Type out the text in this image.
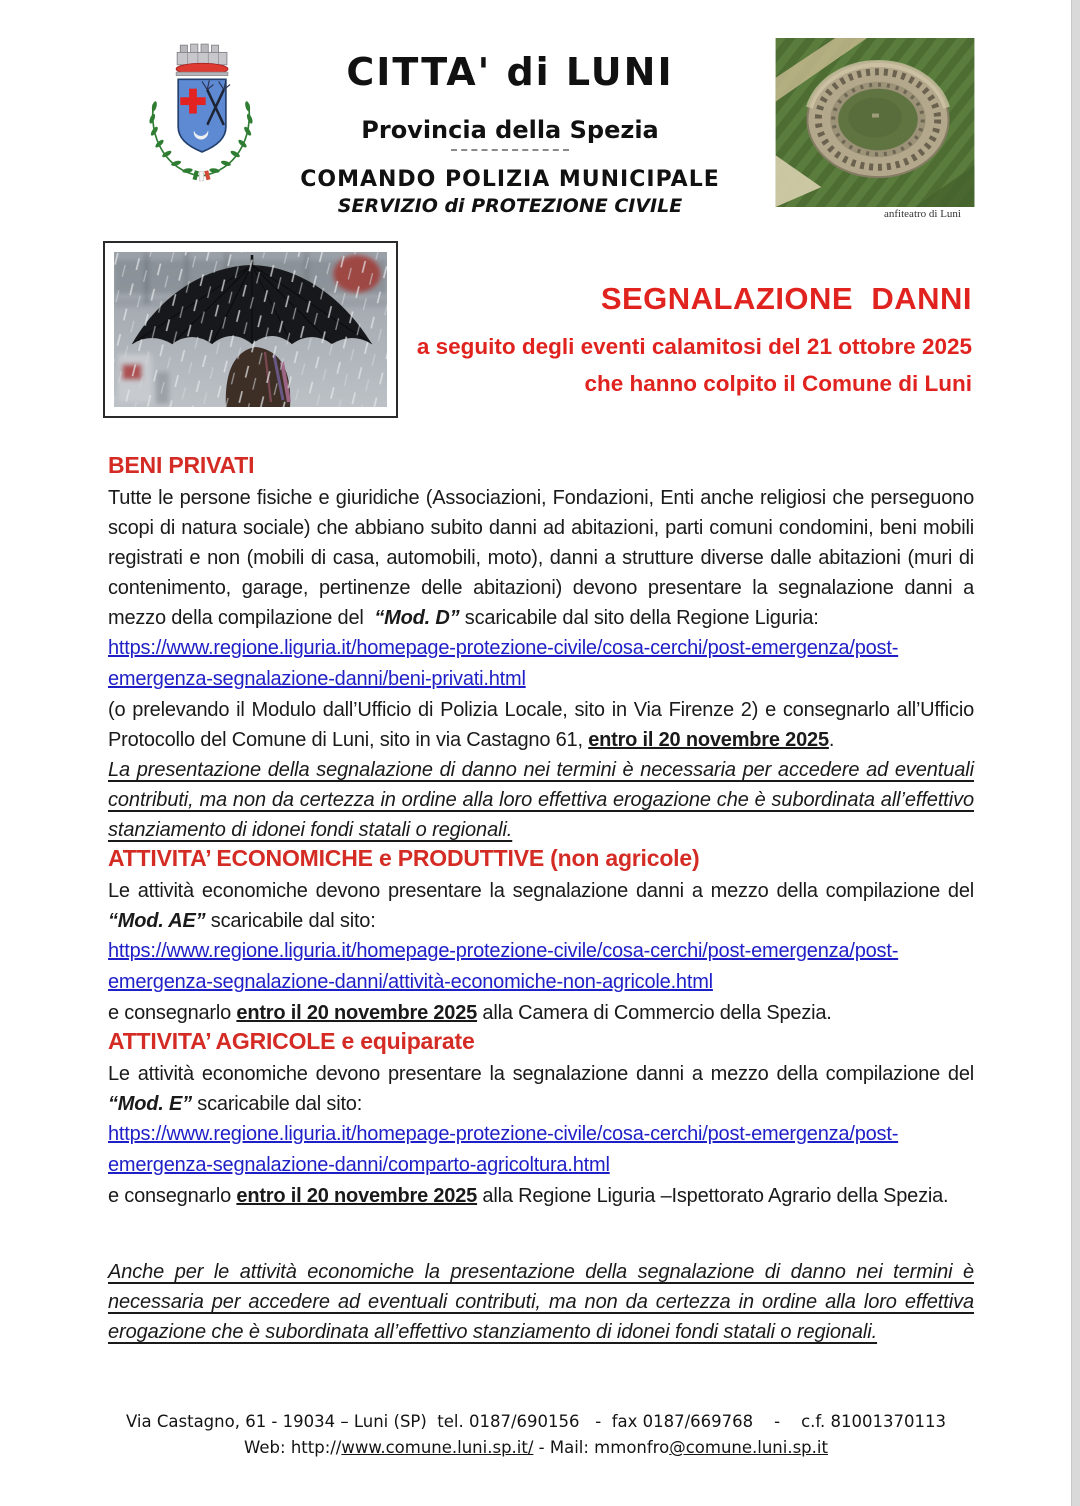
CITTA' di LUNI
Provincia della Spezia
COMANDO POLIZIA MUNICIPALE
SERVIZIO di PROTEZIONE CIVILE	anfiteatro di Luni
SEGNALAZIONE  DANNI
a seguito degli eventi calamitosi del 21 ottobre 2025
che hanno colpito il Comune di Luni
BENI PRIVATI

Tutte le persone fisiche e giuridiche (Associazioni, Fondazioni, Enti anche religiosi che perseguono scopi di natura sociale) che abbiano subito danni ad abitazioni, parti comuni condomini, beni mobili registrati e non (mobili di casa, automobili, moto), danni a strutture diverse dalle abitazioni (muri di contenimento, garage, pertinenze delle abitazioni) devono presentare la segnalazione danni a mezzo della compilazione del  “Mod. D” scaricabile dal sito della Regione Liguria:

https://www.regione.liguria.it/homepage-protezione-civile/cosa-cerchi/post-emergenza/post-emergenza-segnalazione-danni/beni-privati.html

(o prelevando il Modulo dall’Ufficio di Polizia Locale, sito in Via Firenze 2) e consegnarlo all’Ufficio Protocollo del Comune di Luni, sito in via Castagno 61, entro il 20 novembre 2025.

La presentazione della segnalazione di danno nei termini è necessaria per accedere ad eventuali contributi, ma non da certezza in ordine alla loro effettiva erogazione che è subordinata all’effettivo stanziamento di idonei fondi statali o regionali.

ATTIVITA’ ECONOMICHE e PRODUTTIVE (non agricole)

Le attività economiche devono presentare la segnalazione danni a mezzo della compilazione del “Mod. AE” scaricabile dal sito:

https://www.regione.liguria.it/homepage-protezione-civile/cosa-cerchi/post-emergenza/post-emergenza-segnalazione-danni/attività-economiche-non-agricole.html

e consegnarlo entro il 20 novembre 2025 alla Camera di Commercio della Spezia.

ATTIVITA’ AGRICOLE e equiparate

Le attività economiche devono presentare la segnalazione danni a mezzo della compilazione del “Mod. E” scaricabile dal sito:

https://www.regione.liguria.it/homepage-protezione-civile/cosa-cerchi/post-emergenza/post-emergenza-segnalazione-danni/comparto-agricoltura.html

e consegnarlo entro il 20 novembre 2025 alla Regione Liguria –Ispettorato Agrario della Spezia.

Anche per le attività economiche la presentazione della segnalazione di danno nei termini è necessaria per accedere ad eventuali contributi, ma non da certezza in ordine alla loro effettiva erogazione che è subordinata all’effettivo stanziamento di idonei fondi statali o regionali.

Via Castagno, 61 - 19034 – Luni (SP)  tel. 0187/690156   -  fax 0187/669768    -    c.f. 81001370113
Web: http://www.comune.luni.sp.it/ - Mail: mmonfro@comune.luni.sp.it
